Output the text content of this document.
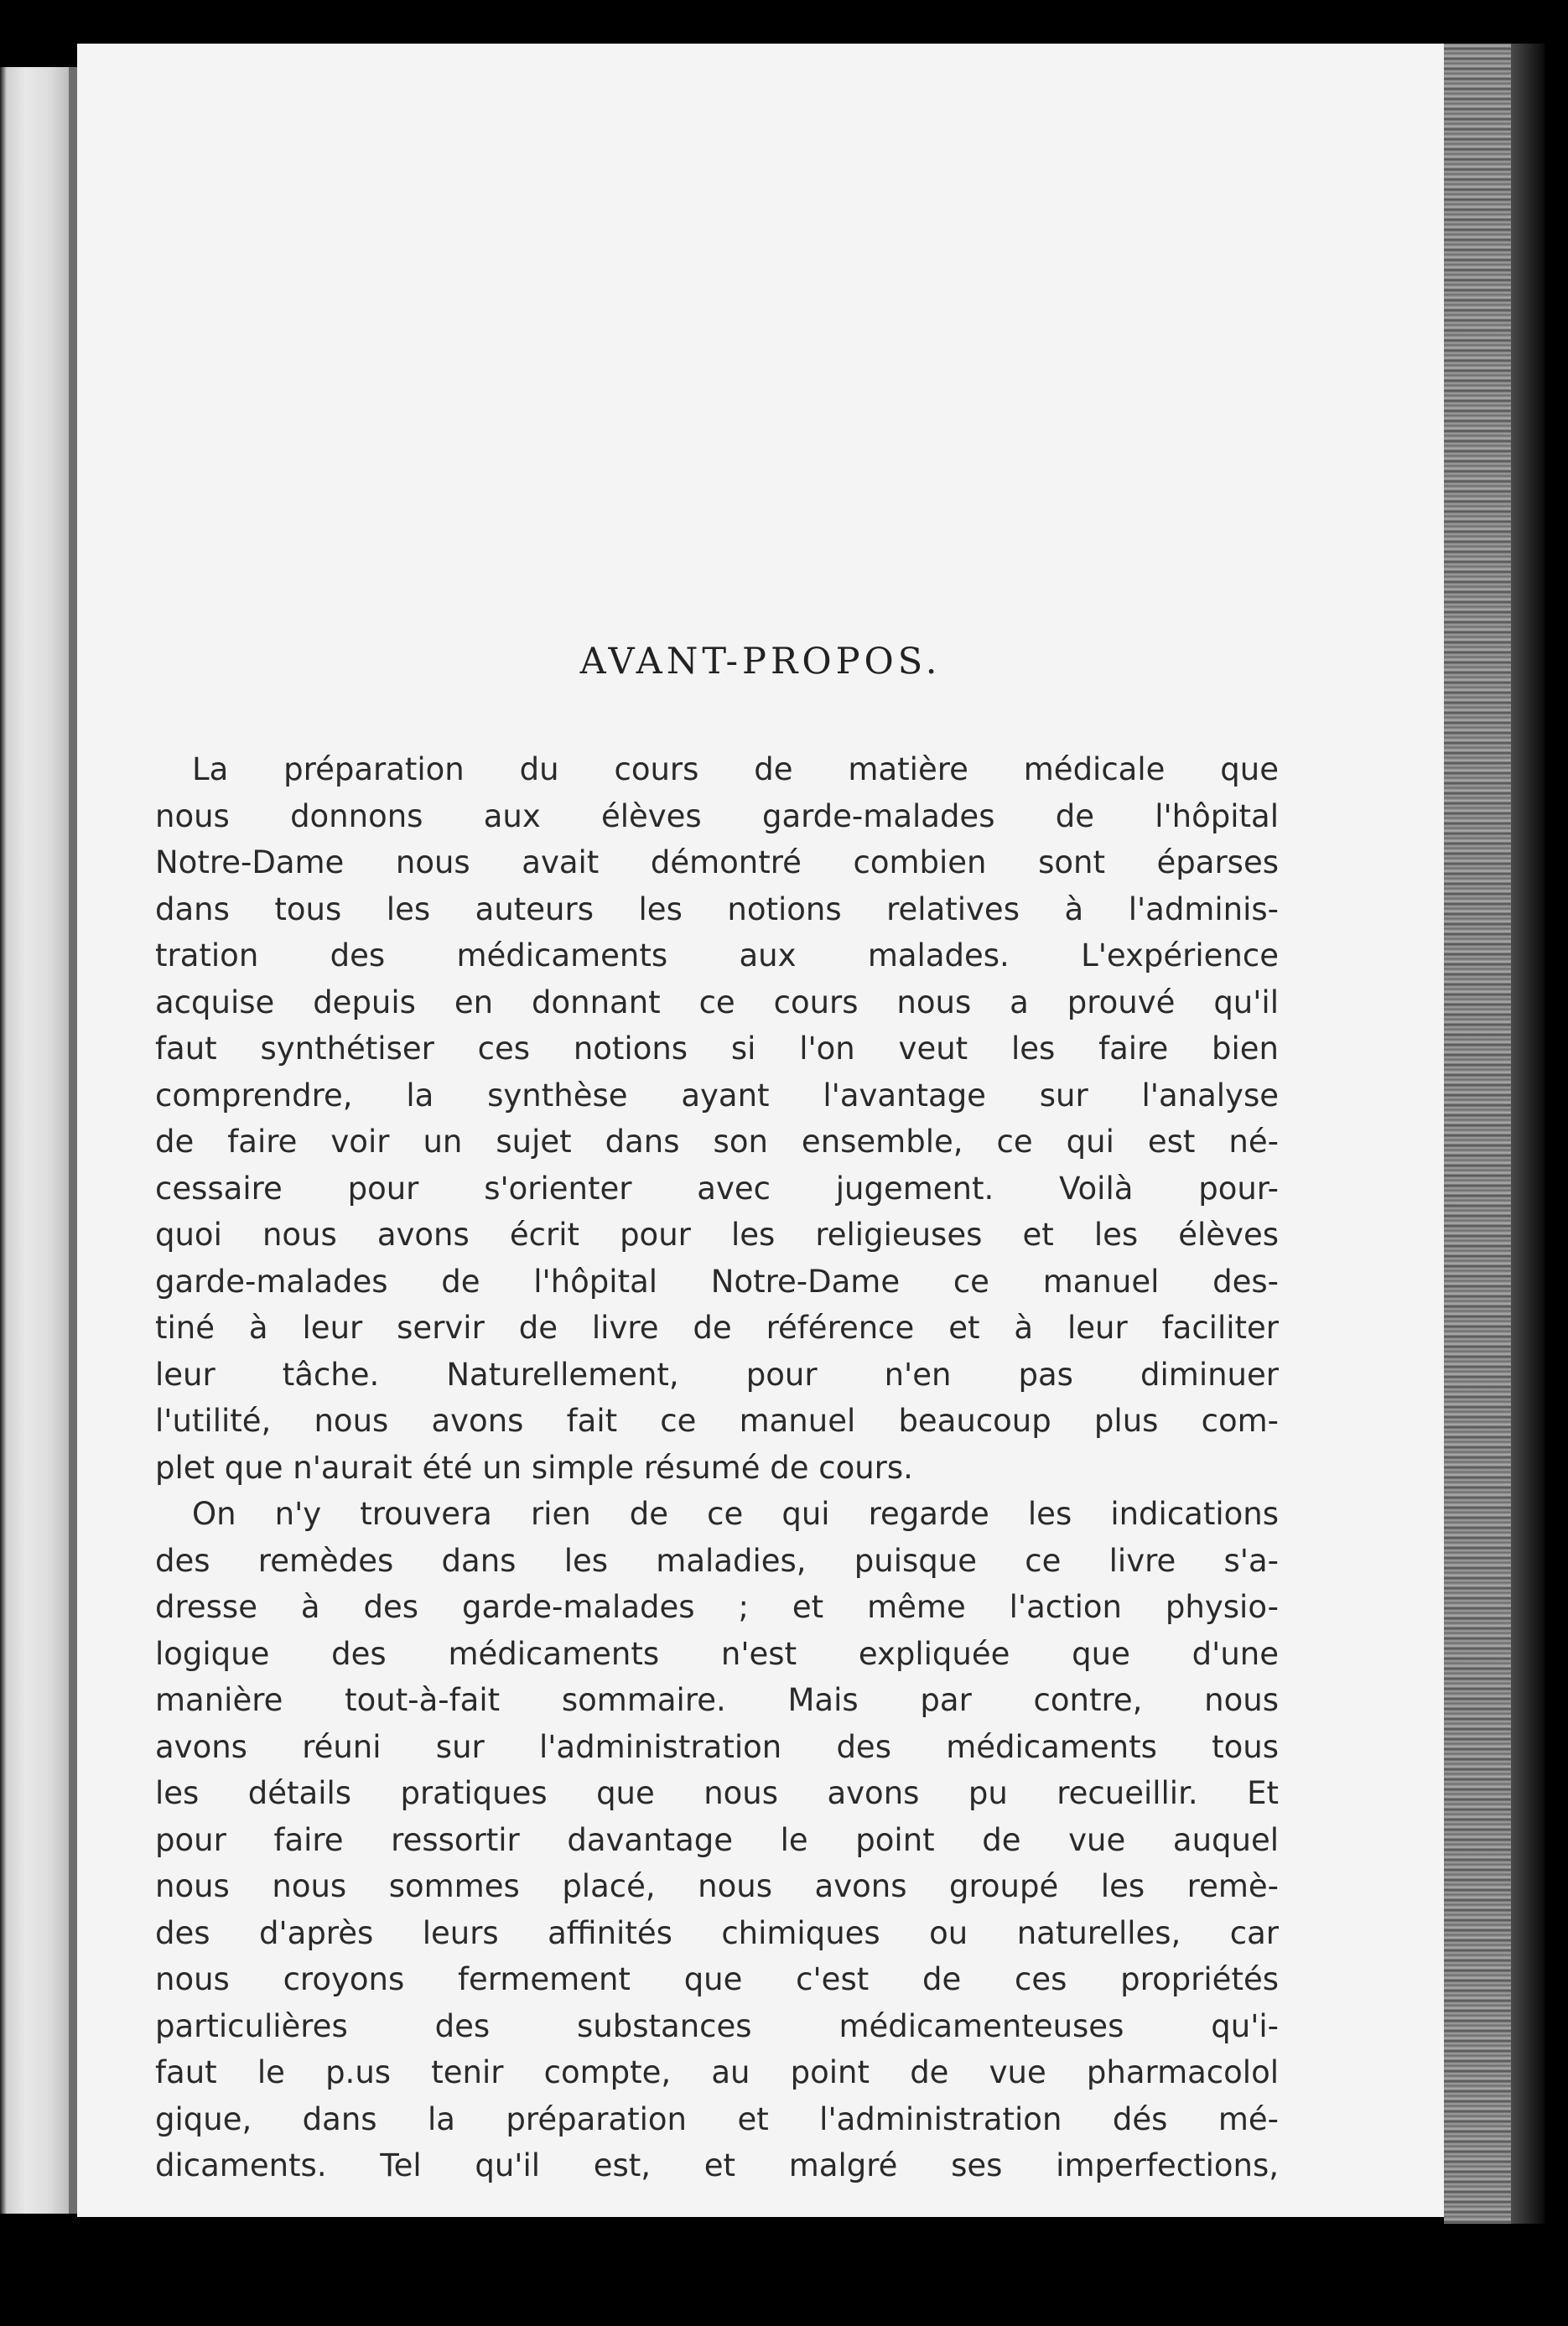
AVANT-PROPOS.
La préparation du cours de matière médicale que
nous donnons aux élèves garde-malades de l'hôpital
Notre-Dame nous avait démontré combien sont éparses
dans tous les auteurs les notions relatives à l'adminis-
tration des médicaments aux malades. L'expérience
acquise depuis en donnant ce cours nous a prouvé qu'il
faut synthétiser ces notions si l'on veut les faire bien
comprendre, la synthèse ayant l'avantage sur l'analyse
de faire voir un sujet dans son ensemble, ce qui est né-
cessaire pour s'orienter avec jugement. Voilà pour-
quoi nous avons écrit pour les religieuses et les élèves
garde-malades de l'hôpital Notre-Dame ce manuel des-
tiné à leur servir de livre de référence et à leur faciliter
leur tâche. Naturellement, pour n'en pas diminuer
l'utilité, nous avons fait ce manuel beaucoup plus com-
plet que n'aurait été un simple résumé de cours.
On n'y trouvera rien de ce qui regarde les indications
des remèdes dans les maladies, puisque ce livre s'a-
dresse à des garde-malades ; et même l'action physio-
logique des médicaments n'est expliquée que d'une
manière tout-à-fait sommaire. Mais par contre, nous
avons réuni sur l'administration des médicaments tous
les détails pratiques que nous avons pu recueillir. Et
pour faire ressortir davantage le point de vue auquel
nous nous sommes placé, nous avons groupé les remè-
des d'après leurs affinités chimiques ou naturelles, car
nous croyons fermement que c'est de ces propriétés
particulières des substances médicamenteuses qu'i-
faut le p.us tenir compte, au point de vue pharmacolol
gique, dans la préparation et l'administration dés mé-
dicaments. Tel qu'il est, et malgré ses imperfections,
